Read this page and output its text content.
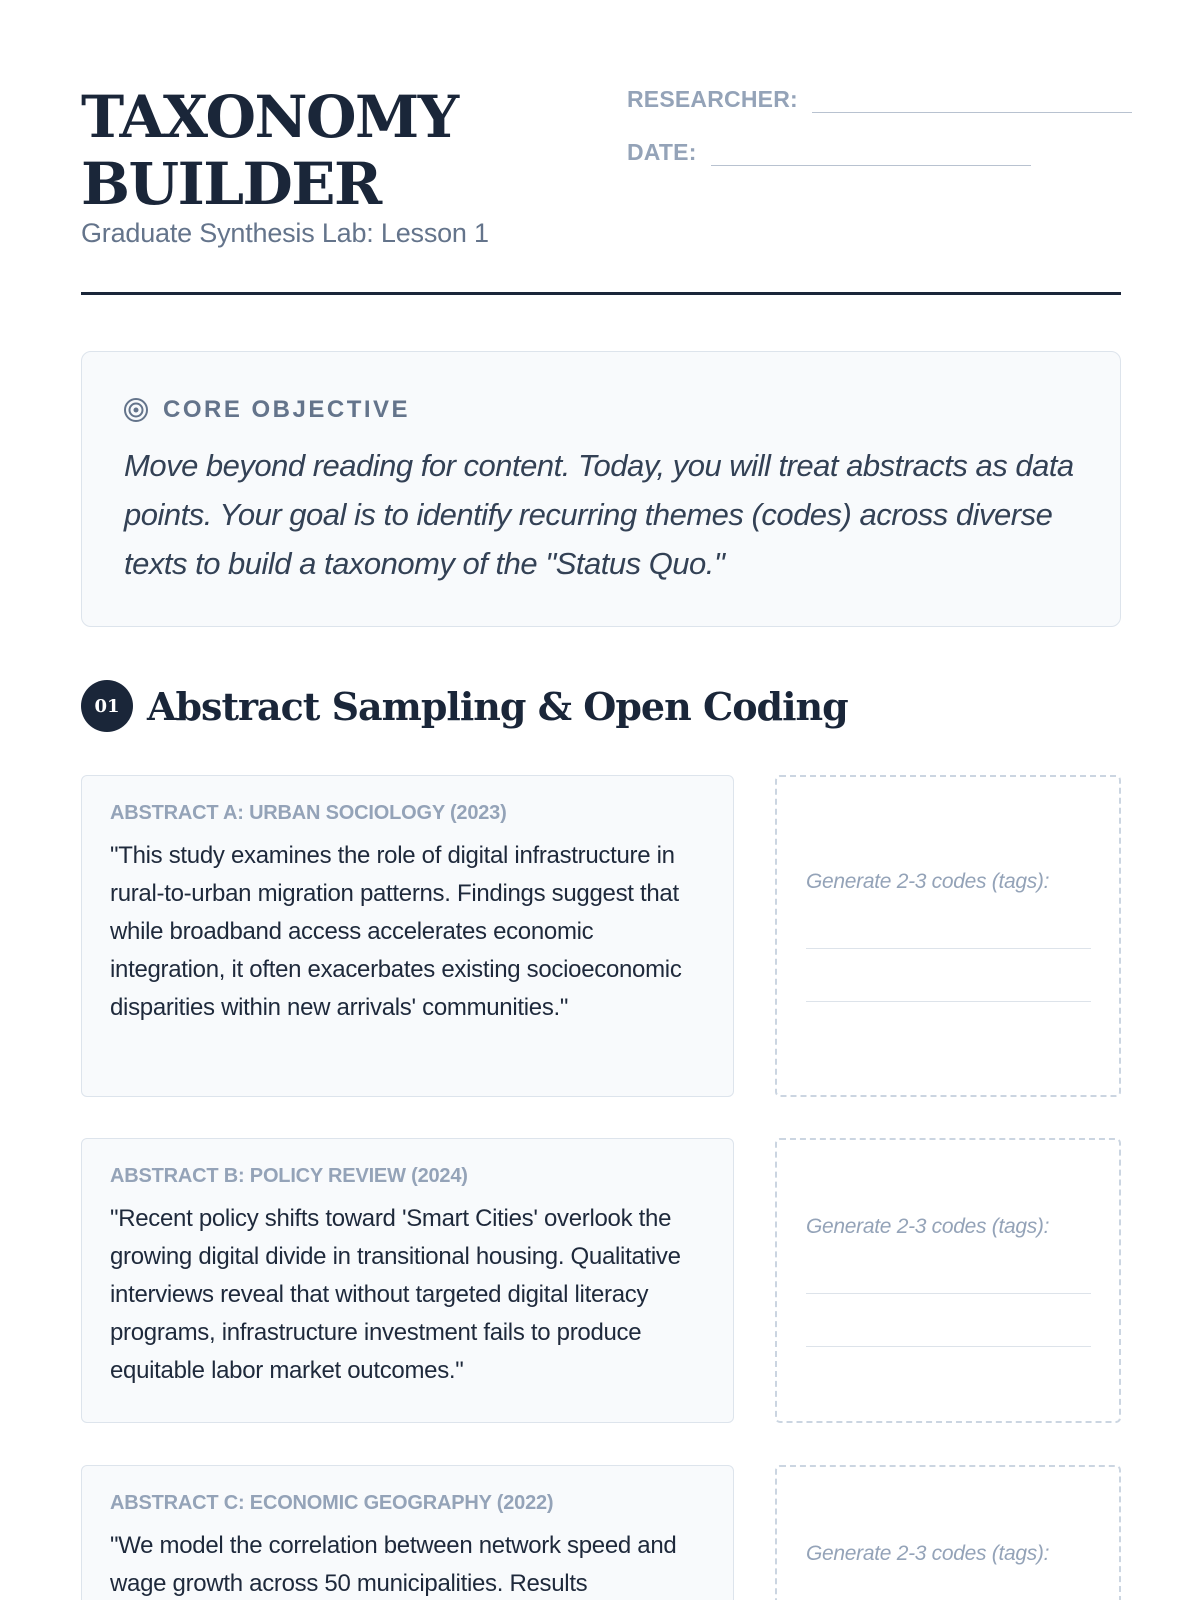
TAXONOMY
BUILDER
Graduate Synthesis Lab: Lesson 1
RESEARCHER:
DATE:
CORE OBJECTIVE

Move beyond reading for content. Today, you will treat abstracts as data points. Your goal is to identify recurring themes (codes) across diverse texts to build a taxonomy of the "Status Quo."

01 Abstract Sampling & Open Coding
ABSTRACT A: URBAN SOCIOLOGY (2023)

"This study examines the role of digital infrastructure in rural-to-urban migration patterns. Findings suggest that while broadband access accelerates economic integration, it often exacerbates existing socioeconomic disparities within new arrivals' communities."

Generate 2-3 codes (tags):
ABSTRACT B: POLICY REVIEW (2024)

"Recent policy shifts toward 'Smart Cities' overlook the growing digital divide in transitional housing. Qualitative interviews reveal that without targeted digital literacy programs, infrastructure investment fails to produce equitable labor market outcomes."

Generate 2-3 codes (tags):
ABSTRACT C: ECONOMIC GEOGRAPHY (2022)

"We model the correlation between network speed and wage growth across 50 municipalities. Results

Generate 2-3 codes (tags):
